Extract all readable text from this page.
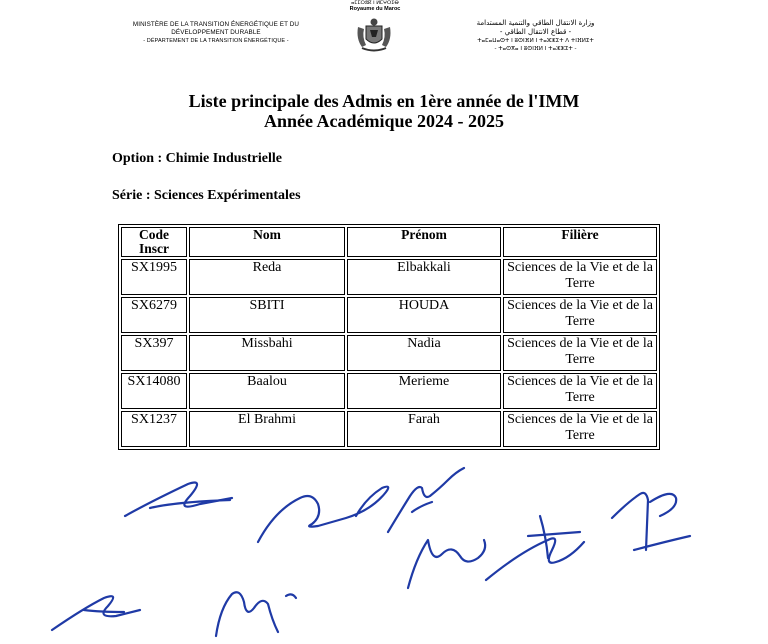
MINISTÈRE DE LA TRANSITION ÉNERGÉTIQUE ET DU
DÉVELOPPEMENT DURABLE
- DÉPARTEMENT DE LA TRANSITION ÉNERGÉTIQUE -
ⴰⵎⵎⵔⵓⴽ ⵏ ⵍⵎⵖⵔⵉⴱ
Royaume du Maroc
وزارة الانتقال الطاقي والتنمية المستدامة
- قطاع الانتقال الطاقي -
ⵜⴰⵎⴰⵡⴰⵙⵜ ⵏ ⵓⵙⵏⴼⵍ ⵏ ⵜⴰⵣⵣⵉⵜ ⴷ ⵜⵏⴼⵍⵉⵜ
- ⵜⴰⵙⴳⴰ ⵏ ⵓⵙⵏⴼⵍ ⵏ ⵜⴰⵣⵣⵉⵜ -
Liste principale des Admis en 1ère année de l'IMM
Année Académique 2024 - 2025
Option : Chimie Industrielle
Série : Sciences Expérimentales
Code Inscr	Nom	Prénom	Filière
SX1995	Reda	Elbakkali	Sciences de la Vie et de la Terre
SX6279	SBITI	HOUDA	Sciences de la Vie et de la Terre
SX397	Missbahi	Nadia	Sciences de la Vie et de la Terre
SX14080	Baalou	Merieme	Sciences de la Vie et de la Terre
SX1237	El Brahmi	Farah	Sciences de la Vie et de la Terre
